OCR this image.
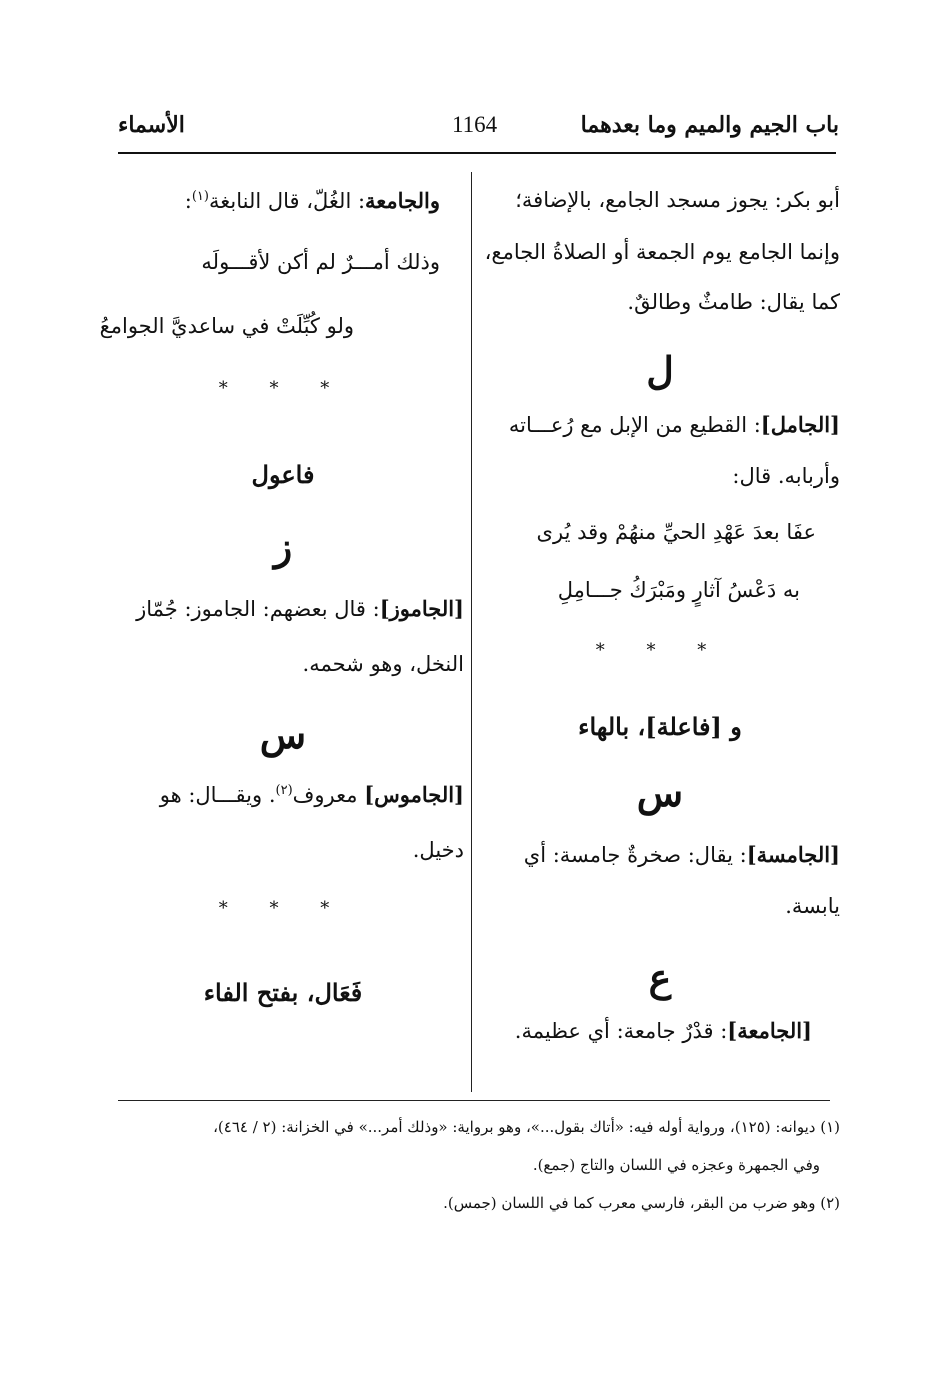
باب الجيم والميم وما بعدهما
1164
الأسماء
أبو بكر: يجوز مسجد الجامع، بالإضافة؛
وإنما الجامع يوم الجمعة أو الصلاةُ الجامع،
كما يقال: طامثٌ وطالقٌ.
ل
[الجامل]: القطيع من الإبل مع رُعـــاته
وأربابه. قال:
عفَا بعدَ عَهْدِ الحيِّ منهُمْ وقد يُرى
به دَعْسُ آثارٍ ومَبْرَكُ جـــامِلِ
* * *
و [فاعلة]، بالهاء
س
[الجامسة]: يقال: صخرةٌ جامسة: أي
يابسة.
ع
[الجامعة]: قدْرٌ جامعة: أي عظيمة.
والجامعة: الغُلّ، قال النابغة$^{(١)}$:
وذلك أمـــرٌ لم أكن لأقـــولَه
ولو كُبِّلَتْ في ساعديَّ الجوامعُ
* * *
فاعول
ز
[الجاموز]: قال بعضهم: الجاموز: جُمّاز
النخل، وهو شحمه.
س
[الجاموس] معروف$^{(٢)}$. ويقـــال: هو
دخيل.
* * *
فَعَال، بفتح الفاء
(١) ديوانه: (١٢٥)، ورواية أوله فيه: «أتاك بقول...»، وهو برواية: «وذلك أمر...» في الخزانة: (٢ / ٤٦٤)،
وفي الجمهرة وعجزه في اللسان والتاج (جمع).
(٢) وهو ضرب من البقر، فارسي معرب كما في اللسان (جمس).
